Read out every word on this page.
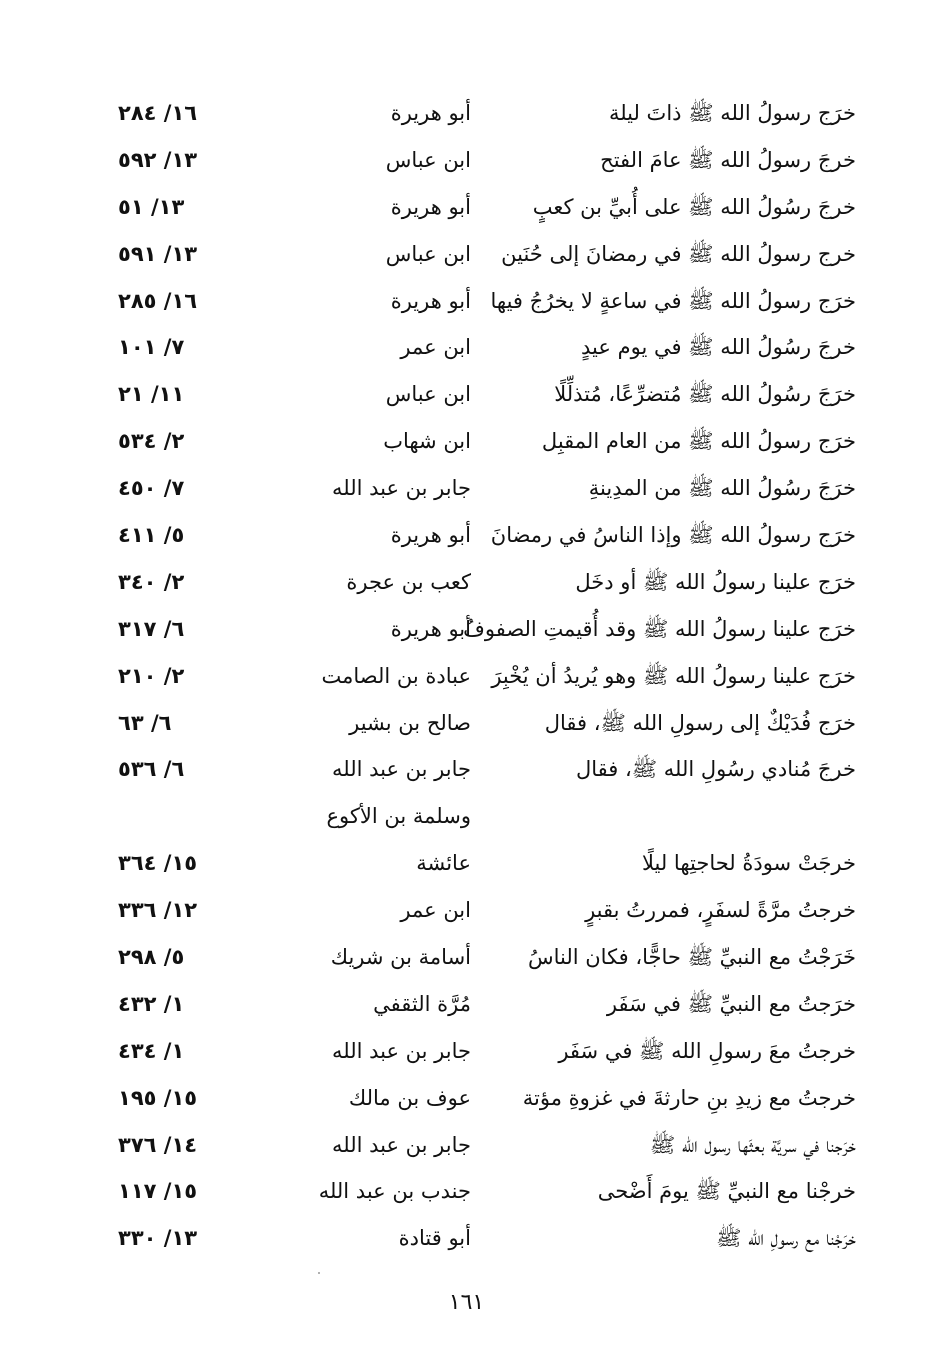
خرَج رسولُ الله ﷺ ذاتَ ليلة
أبو هريرة
١٦/ ٢٨٤
خرجَ رسولُ الله ﷺ عامَ الفتح
ابن عباس
١٣/ ٥٩٢
خرجَ رسُولُ الله ﷺ على أُبيِّ بن كعبٍ
أبو هريرة
١٣/ ٥١
خرج رسولُ الله ﷺ في رمضانَ إلى حُنَين
ابن عباس
١٣/ ٥٩١
خرَج رسولُ الله ﷺ في ساعةٍ لا يخرُجُ فيها
أبو هريرة
١٦/ ٢٨٥
خرجَ رسُولُ الله ﷺ في يوم عيدٍ
ابن عمر
٧/ ١٠١
خرَجَ رسُولُ الله ﷺ مُتضرِّعًا، مُتذلِّلًا
ابن عباس
١١/ ٢١
خرَج رسولُ الله ﷺ من العام المقبِل
ابن شهاب
٢/ ٥٣٤
خرَجَ رسُولُ الله ﷺ من المدِينةِ
جابر بن عبد الله
٧/ ٤٥٠
خرَج رسولُ الله ﷺ وإذا الناسُ في رمضانَ
أبو هريرة
٥/ ٤١١
خرَج علينا رسولُ الله ﷺ أو دخَل
كعب بن عجرة
٢/ ٣٤٠
خرَج علينا رسولُ الله ﷺ وقد أُقيمتِ الصفوفُ
أبو هريرة
٦/ ٣١٧
خرَج علينا رسولُ الله ﷺ وهو يُريدُ أن يُخْبِرَ
عبادة بن الصامت
٢/ ٢١٠
خرَج فُدَيْكٌ إلى رسولِ الله ﷺ، فقال
صالح بن بشير
٦/ ٦٣
خرجَ مُنادي رسُولِ الله ﷺ، فقال
جابر بن عبد الله
٦/ ٥٣٦
وسلمة بن الأكوع
خرجَتْ سودَةُ لحاجتِها ليلًا
عائشة
١٥/ ٣٦٤
خرجتُ مرَّةً لسفَرٍ، فمررتُ بقبرٍ
ابن عمر
١٢/ ٣٣٦
خَرَجْتُ مع النبيِّ ﷺ حاجًّا، فكان الناسُ
أسامة بن شريك
٥/ ٢٩٨
خرَجتُ مع النبيِّ ﷺ في سَفَر
مُرَّة الثقفي
١/ ٤٣٢
خرجتُ معَ رسولِ الله ﷺ في سَفَر
جابر بن عبد الله
١/ ٤٣٤
خرجتُ مع زيدِ بنِ حارثةَ في غزوةِ مؤتة
عوف بن مالك
١٥/ ١٩٥
خرَجنا في سريَّة بعثَها رسول الله ﷺ
جابر بن عبد الله
١٤/ ٣٧٦
خرجْنا مع النبيِّ ﷺ يومَ أَضْحى
جندب بن عبد الله
١٥/ ١١٧
خرَجْنا مع رسولِ الله ﷺ
أبو قتادة
١٣/ ٣٣٠
١٦١
